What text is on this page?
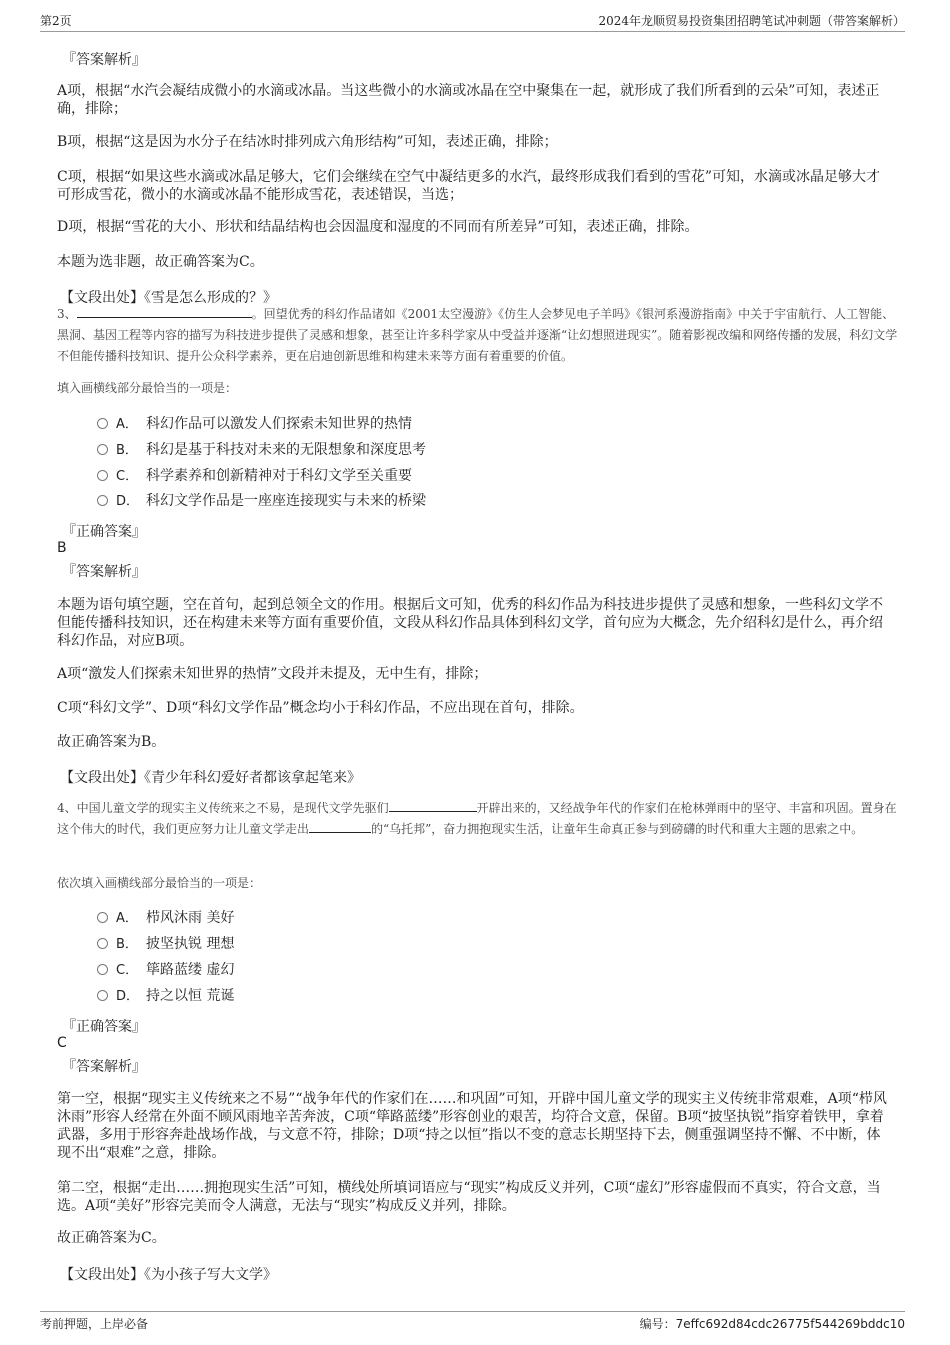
第2页	2024年龙顺贸易投资集团招聘笔试冲刺题（带答案解析）
『答案解析』
A项，根据“水汽会凝结成微小的水滴或冰晶。当这些微小的水滴或冰晶在空中聚集在一起，就形成了我们所看到的云朵”可知，表述正确，排除；
B项，根据“这是因为水分子在结冰时排列成六角形结构”可知，表述正确，排除；
C项，根据“如果这些水滴或冰晶足够大，它们会继续在空气中凝结更多的水汽，最终形成我们看到的雪花”可知，水滴或冰晶足够大才可形成雪花，微小的水滴或冰晶不能形成雪花，表述错误，当选；
D项，根据“雪花的大小、形状和结晶结构也会因温度和湿度的不同而有所差异”可知，表述正确，排除。
本题为选非题，故正确答案为C。
【文段出处】《雪是怎么形成的？》
3、	。回望优秀的科幻作品诸如《2001太空漫游》《仿生人会梦见电子羊吗》《银河系漫游指南》中关于宇宙航行、人工智能、黑洞、基因工程等内容的描写为科技进步提供了灵感和想象，甚至让许多科学家从中受益并逐渐“让幻想照进现实”。随着影视改编和网络传播的发展，科幻文学不但能传播科技知识、提升公众科学素养，更在启迪创新思维和构建未来等方面有着重要的价值。
填入画横线部分最恰当的一项是：
A． 科幻作品可以激发人们探索未知世界的热情
B． 科幻是基于科技对未来的无限想象和深度思考
C． 科学素养和创新精神对于科幻文学至关重要
D． 科幻文学作品是一座座连接现实与未来的桥梁
『正确答案』
B
『答案解析』
本题为语句填空题，空在首句，起到总领全文的作用。根据后文可知，优秀的科幻作品为科技进步提供了灵感和想象，一些科幻文学不但能传播科技知识，还在构建未来等方面有重要价值，文段从科幻作品具体到科幻文学，首句应为大概念，先介绍科幻是什么，再介绍科幻作品，对应B项。
A项“激发人们探索未知世界的热情”文段并未提及，无中生有，排除；
C项“科幻文学”、D项“科幻文学作品”概念均小于科幻作品，不应出现在首句，排除。
故正确答案为B。
【文段出处】《青少年科幻爱好者都该拿起笔来》
4、中国儿童文学的现实主义传统来之不易，是现代文学先驱们	开辟出来的，又经战争年代的作家们在枪林弹雨中的坚守、丰富和巩固。置身在这个伟大的时代，我们更应努力让儿童文学走出	的“乌托邦”，奋力拥抱现实生活，让童年生命真正参与到磅礴的时代和重大主题的思索之中。
依次填入画横线部分最恰当的一项是：
A． 栉风沐雨 美好
B． 披坚执锐 理想
C． 筚路蓝缕 虚幻
D． 持之以恒 荒诞
『正确答案』
C
『答案解析』
第一空，根据“现实主义传统来之不易”“战争年代的作家们在……和巩固”可知，开辟中国儿童文学的现实主义传统非常艰难，A项“栉风沐雨”形容人经常在外面不顾风雨地辛苦奔波，C项“筚路蓝缕”形容创业的艰苦，均符合文意，保留。B项“披坚执锐”指穿着铁甲，拿着武器，多用于形容奔赴战场作战，与文意不符，排除；D项“持之以恒”指以不变的意志长期坚持下去，侧重强调坚持不懈、不中断，体现不出“艰难”之意，排除。
第二空，根据“走出……拥抱现实生活”可知，横线处所填词语应与“现实”构成反义并列，C项“虚幻”形容虚假而不真实，符合文意，当选。A项“美好”形容完美而令人满意，无法与“现实”构成反义并列，排除。
故正确答案为C。
【文段出处】《为小孩子写大文学》
考前押题，上岸必备	编号：7effc692d84cdc26775f544269bddc10
